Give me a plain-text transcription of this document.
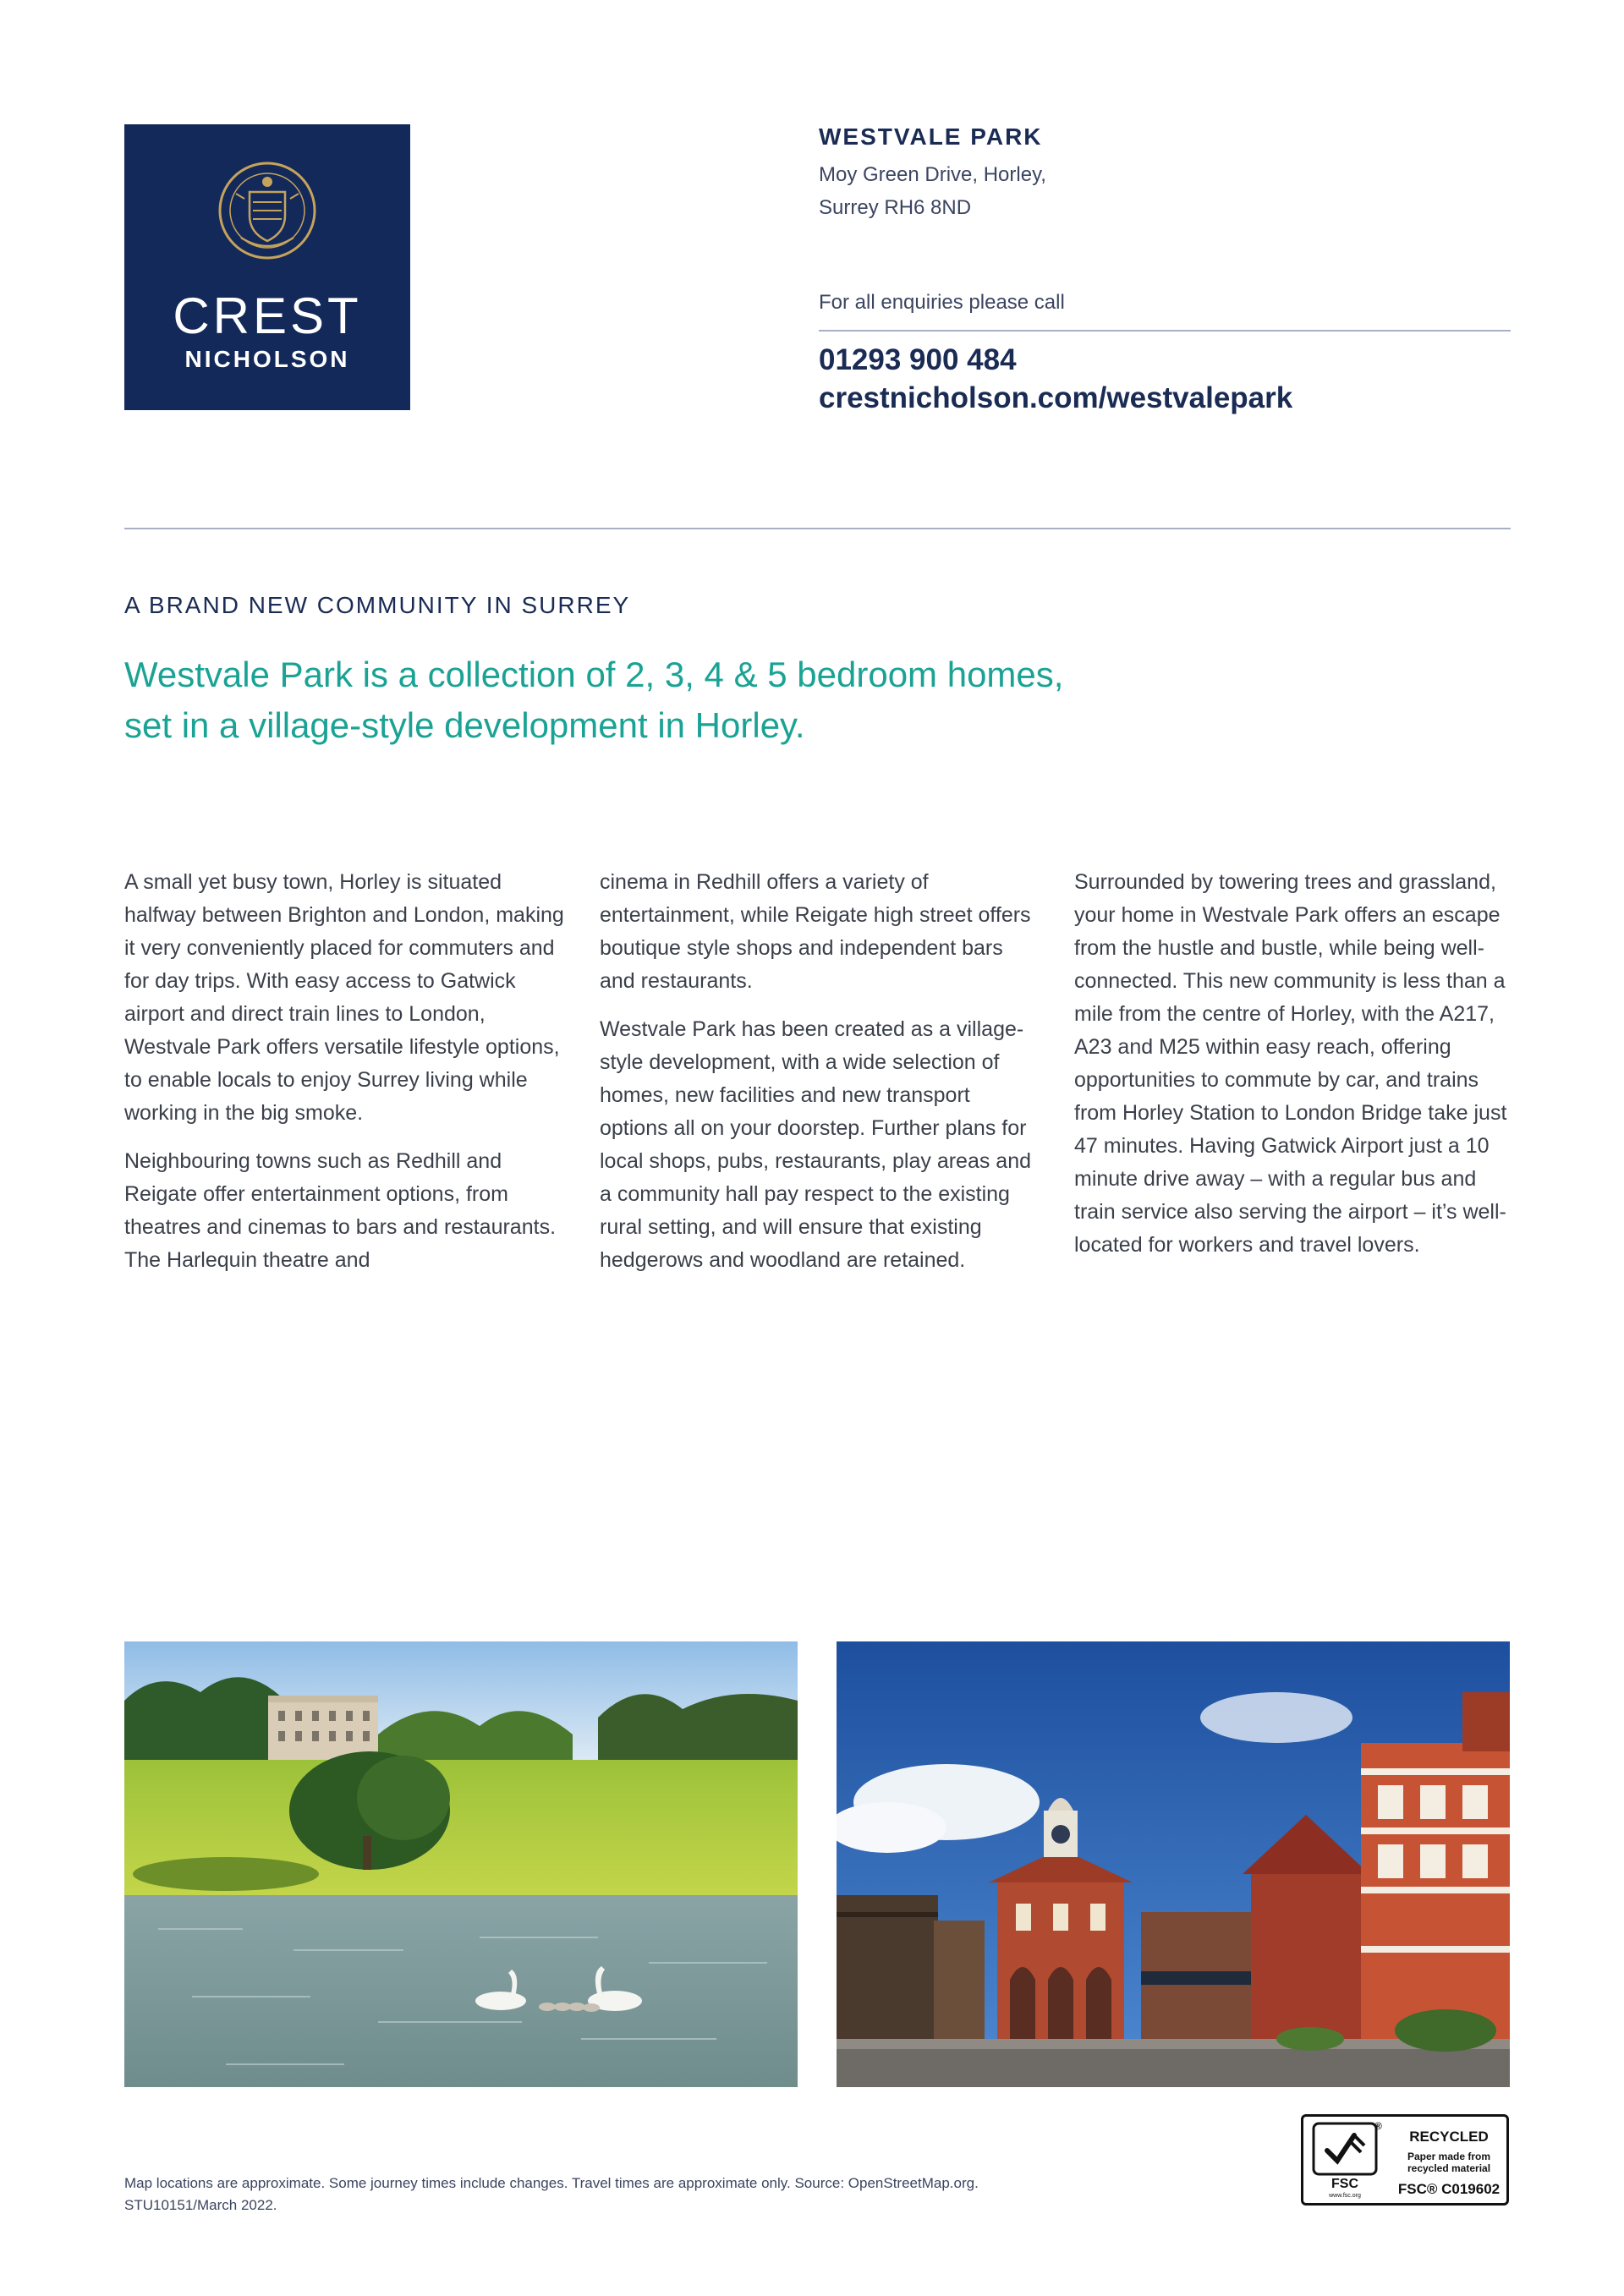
CREST
NICHOLSON
WESTVALE PARK
Moy Green Drive, Horley,
Surrey RH6 8ND
For all enquiries please call
01293 900 484
crestnicholson.com/westvalepark
A BRAND NEW COMMUNITY IN SURREY
Westvale Park is a collection of 2, 3, 4 & 5 bedroom homes,
set in a village-style development in Horley.

A small yet busy town, Horley is situated halfway between Brighton and London, making it very conveniently placed for commuters and for day trips. With easy access to Gatwick airport and direct train lines to London, Westvale Park offers versatile lifestyle options, to enable locals to enjoy Surrey living while working in the big smoke.

Neighbouring towns such as Redhill and Reigate offer entertainment options, from theatres and cinemas to bars and restaurants. The Harlequin theatre and

cinema in Redhill offers a variety of entertainment, while Reigate high street offers boutique style shops and independent bars and restaurants.

Westvale Park has been created as a village-style development, with a wide selection of homes, new facilities and new transport options all on your doorstep. Further plans for local shops, pubs, restaurants, play areas and a community hall pay respect to the existing rural setting, and will ensure that existing hedgerows and woodland are retained.

Surrounded by towering trees and grassland, your home in Westvale Park offers an escape from the hustle and bustle, while being well-connected. This new community is less than a mile from the centre of Horley, with the A217, A23 and M25 within easy reach, offering opportunities to commute by car, and trains from Horley Station to London Bridge take just 47 minutes. Having Gatwick Airport just a 10 minute drive away – with a regular bus and train service also serving the airport – it’s well-located for workers and travel lovers.

Map locations are approximate. Some journey times include changes. Travel times are approximate only. Source: OpenStreetMap.org.
STU10151/March 2022.
FSC
www.fsc.org
®
RECYCLED
Paper made from
recycled material
FSC® C019602
